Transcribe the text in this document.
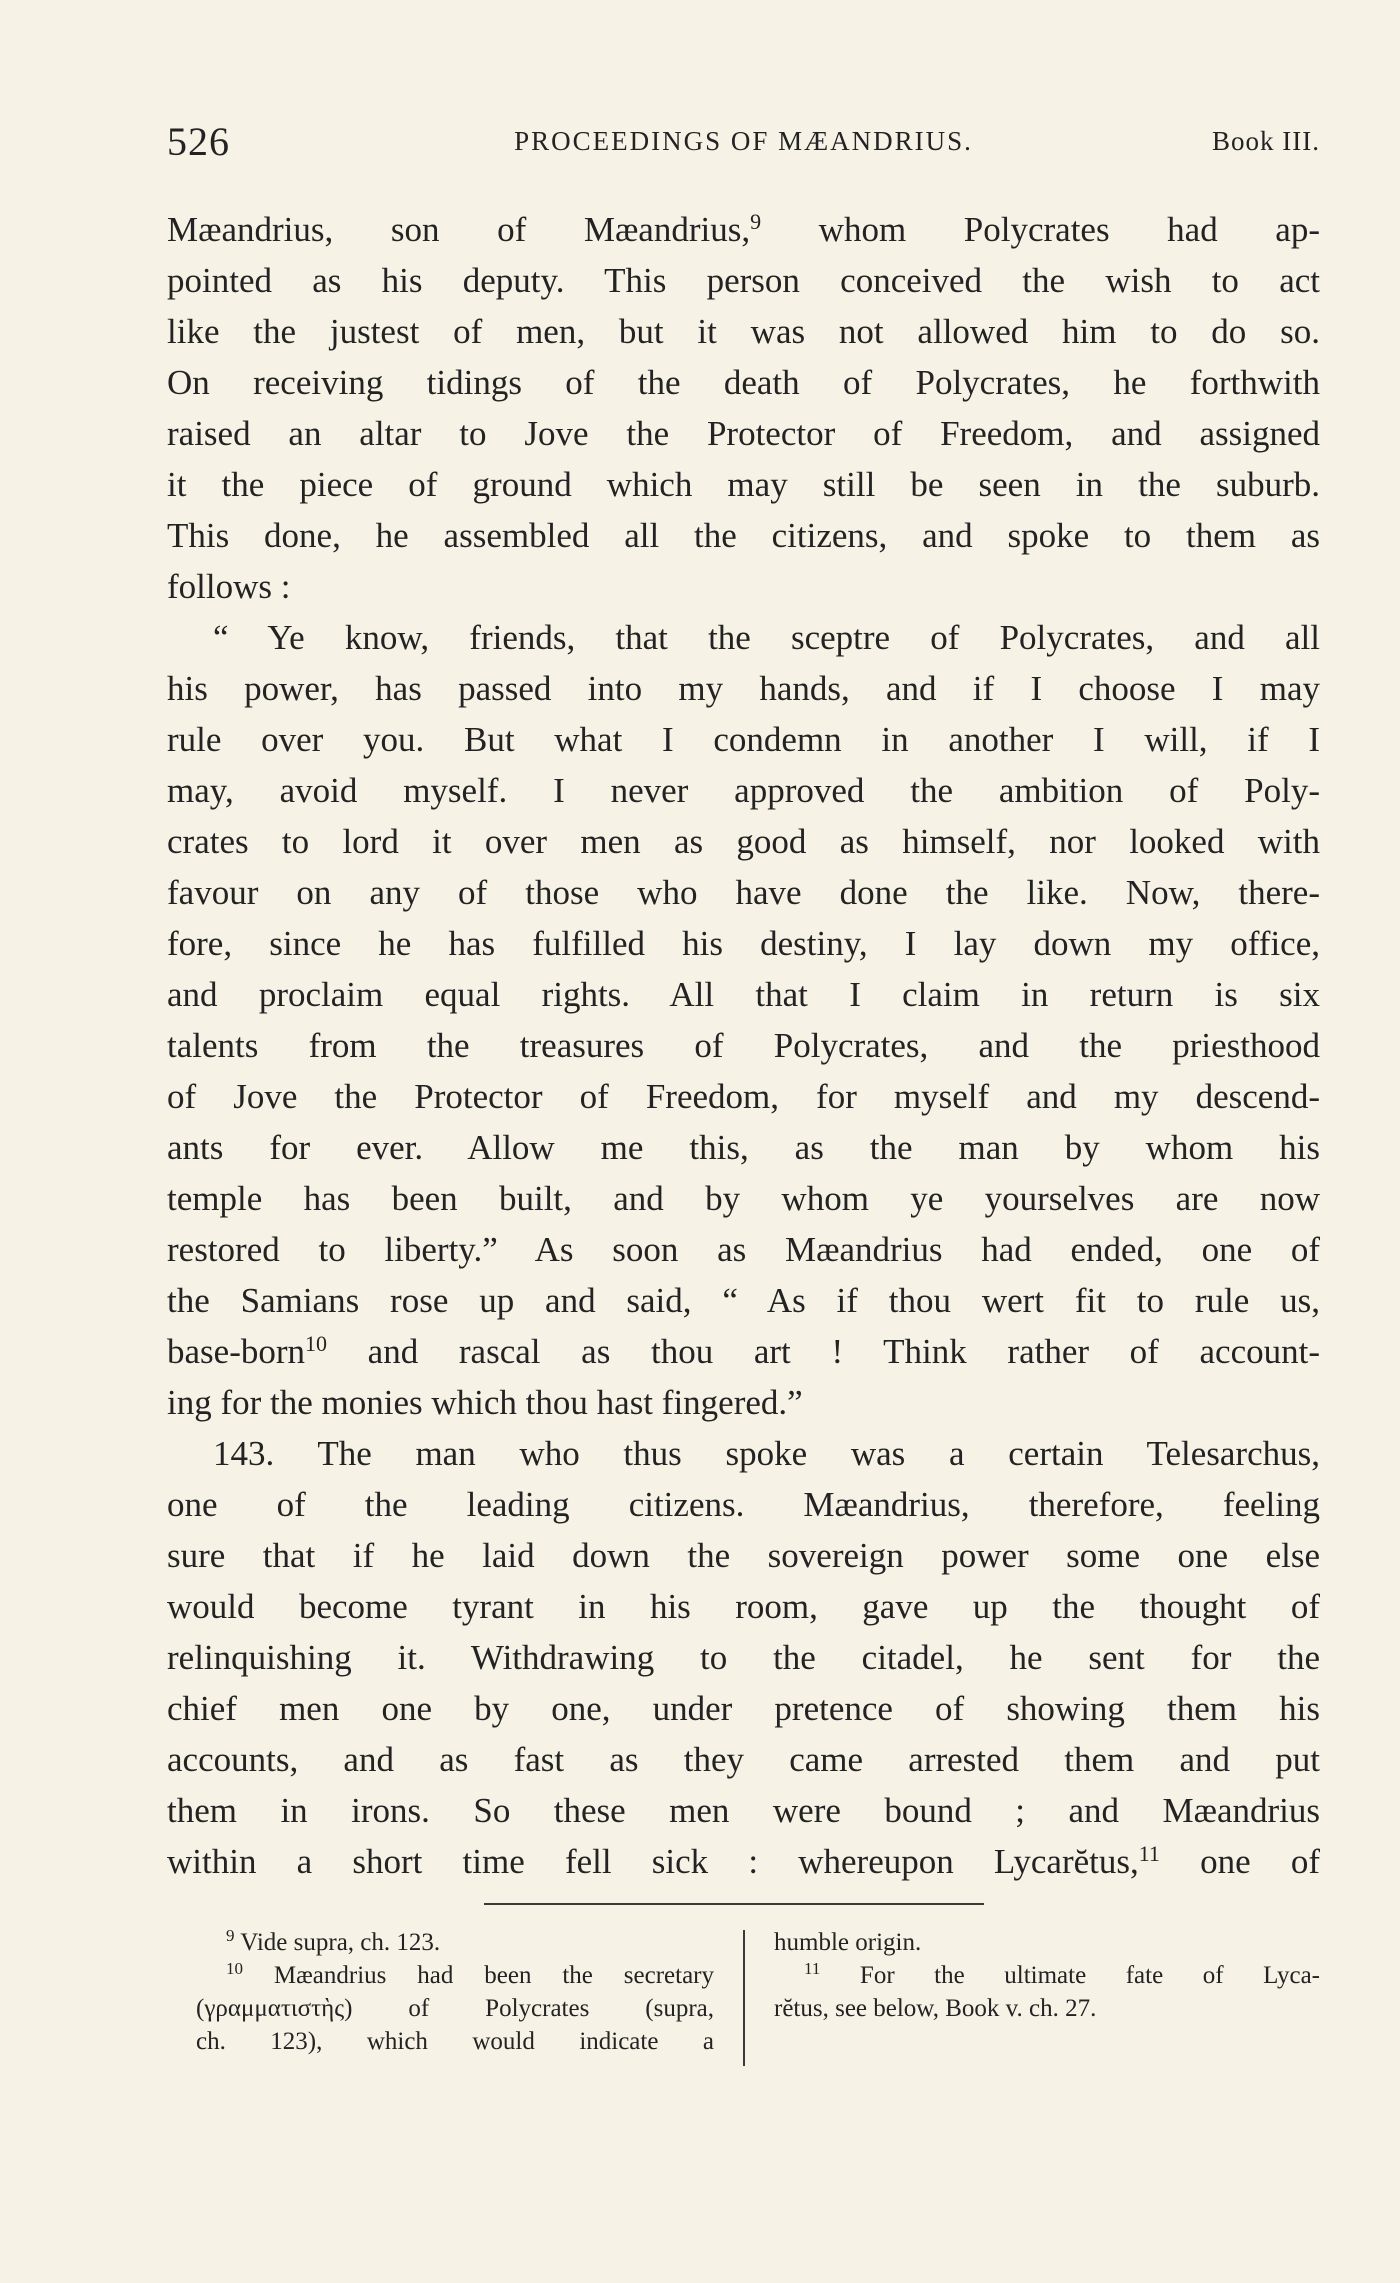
526	PROCEEDINGS OF MÆANDRIUS.	Book III.
Mæandrius, son of Mæandrius,$^9$ whom Polycrates had ap-
pointed as his deputy. This person conceived the wish to act
like the justest of men, but it was not allowed him to do so.
On receiving tidings of the death of Polycrates, he forthwith
raised an altar to Jove the Protector of Freedom, and assigned
it the piece of ground which may still be seen in the suburb.
This done, he assembled all the citizens, and spoke to them as
follows :
“ Ye know, friends, that the sceptre of Polycrates, and all
his power, has passed into my hands, and if I choose I may
rule over you. But what I condemn in another I will, if I
may, avoid myself. I never approved the ambition of Poly-
crates to lord it over men as good as himself, nor looked with
favour on any of those who have done the like. Now, there-
fore, since he has fulfilled his destiny, I lay down my office,
and proclaim equal rights. All that I claim in return is six
talents from the treasures of Polycrates, and the priesthood
of Jove the Protector of Freedom, for myself and my descend-
ants for ever. Allow me this, as the man by whom his
temple has been built, and by whom ye yourselves are now
restored to liberty.” As soon as Mæandrius had ended, one of
the Samians rose up and said, “ As if thou wert fit to rule us,
base-born$^{10}$ and rascal as thou art ! Think rather of account-
ing for the monies which thou hast fingered.”
143. The man who thus spoke was a certain Telesarchus,
one of the leading citizens. Mæandrius, therefore, feeling
sure that if he laid down the sovereign power some one else
would become tyrant in his room, gave up the thought of
relinquishing it. Withdrawing to the citadel, he sent for the
chief men one by one, under pretence of showing them his
accounts, and as fast as they came arrested them and put
them in irons. So these men were bound ; and Mæandrius
within a short time fell sick : whereupon Lycarĕtus,$^{11}$ one of
$^9$ Vide supra, ch. 123.
$^{10}$ Mæandrius had been the secretary
(γραμματιστὴς) of Polycrates (supra,
ch. 123), which would indicate a
humble origin.
$^{11}$ For the ultimate fate of Lyca-
rĕtus, see below, Book v. ch. 27.
